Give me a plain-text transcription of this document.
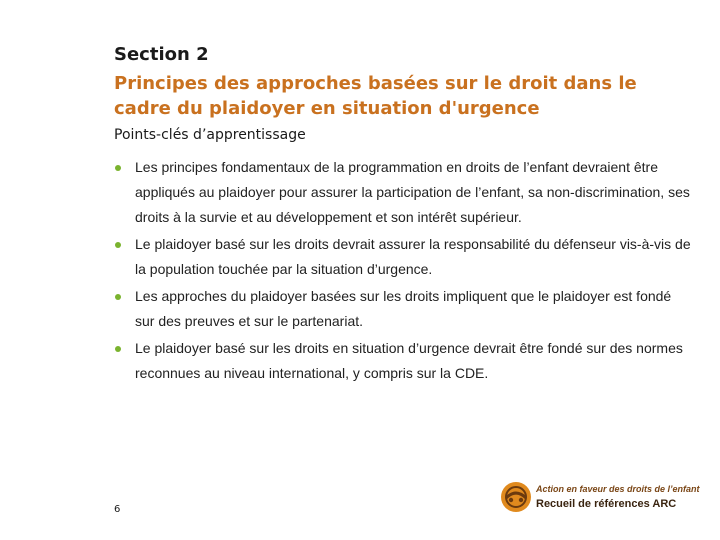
Section 2
Principes des approches basées sur le droit dans le cadre du plaidoyer en situation d'urgence

Points-clés d’apprentissage

Les principes fondamentaux de la programmation en droits de l’enfant devraient être appliqués au plaidoyer pour assurer la participation de l’enfant, sa non-discrimination, ses droits à la survie et au développement et son intérêt supérieur.
Le plaidoyer basé sur les droits devrait assurer la responsabilité du défenseur vis-à-vis de la population touchée par la situation d’urgence.
Les approches du plaidoyer basées sur les droits impliquent que le plaidoyer est fondé sur des preuves et sur le partenariat.
Le plaidoyer basé sur les droits en situation d’urgence devrait être fondé sur des normes reconnues au niveau international, y compris sur la CDE.

6

Action en faveur des droits de l’enfant
Recueil de références ARC
